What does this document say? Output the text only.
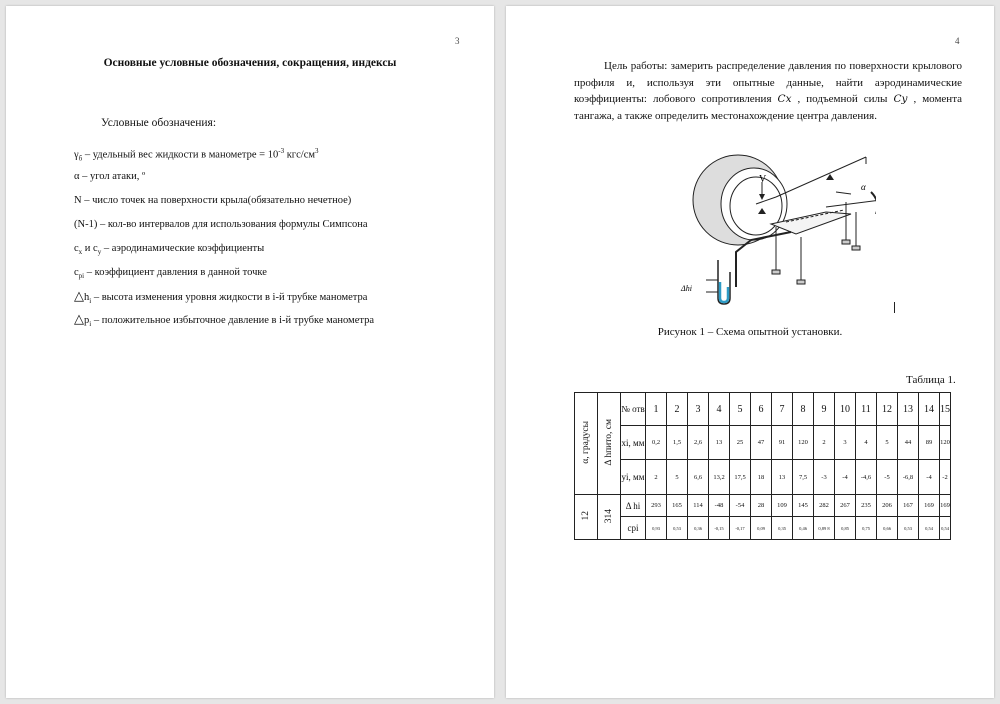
3
Основные условные обозначения, сокращения, индексы
Условные обозначения:
$\gamma_б$ – удельный вес жидкости в манометре = $10^{-3}$ кгс/$см^3$
α – угол атаки, º
N – число точек на поверхности крыла(обязательно нечетное)
(N-1) – кол-во интервалов для использования формулы Симпсона
$c_x$ и $c_y$ – аэродинамические коэффициенты
$c_{pi}$ – коэффициент давления в данной точке
$\triangle h_i$ – высота изменения уровня жидкости в i-й трубке манометра
$\triangle p_i$ – положительное избыточное давление в i-й трубке манометра
4
Цель работы: замерить распределение давления по поверхности крылового профиля и, используя эти опытные данные, найти аэродинамические коэффициенты: лобового сопротивления Cx , подъемной силы Cy , момента тангажа, а также определить местонахождение центра давления.
V
α
Δhi
Рисунок 1 – Схема опытной установки.
Таблица 1.
α, градусы	Δ hпито, см	№ отв	1	2	3	4	5	6	7	8	9	10	11	12	13	14	15
		xi, мм	0,2	1,5	2,6	13	25	47	91	120	2	3	4	5	44	89	120
		yi, мм	2	5	6,6	13,2	17,5	18	13	7,5	-3	-4	-4,6	-5	-6,8	-4	-2
12	314	Δ hi	293	165	114	-48	-54	28	109	145	282	267	235	206	167	169	169
		cpi	0,93	0,53	0,36	-0,15	-0,17	0,09	0,35	0,46	0,89 8	0,85	0,75	0,66	0,53	0,54	0,54
